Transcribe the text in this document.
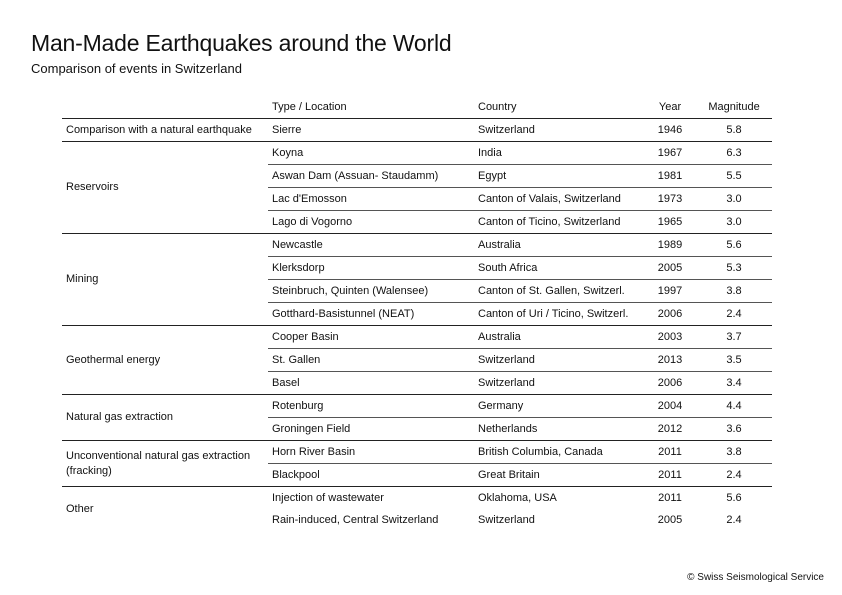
Man-Made Earthquakes around the World

Comparison of events in Switzerland

	Type / Location	Country	Year	Magnitude
Comparison with a natural earthquake	Sierre	Switzerland	1946	5.8
Reservoirs	Koyna	India	1967	6.3
	Aswan Dam (Assuan- Staudamm)	Egypt	1981	5.5
	Lac d'Emosson	Canton of Valais, Switzerland	1973	3.0
	Lago di Vogorno	Canton of Ticino, Switzerland	1965	3.0
Mining	Newcastle	Australia	1989	5.6
	Klerksdorp	South Africa	2005	5.3
	Steinbruch, Quinten (Walensee)	Canton of St. Gallen, Switzerl.	1997	3.8
	Gotthard-Basistunnel (NEAT)	Canton of Uri / Ticino, Switzerl.	2006	2.4
Geothermal energy	Cooper Basin	Australia	2003	3.7
	St. Gallen	Switzerland	2013	3.5
	Basel	Switzerland	2006	3.4
Natural gas extraction	Rotenburg	Germany	2004	4.4
	Groningen Field	Netherlands	2012	3.6
Unconventional natural gas extraction (fracking)	Horn River Basin	British Columbia, Canada	2011	3.8
	Blackpool	Great Britain	2011	2.4
Other	Injection of wastewater	Oklahoma, USA	2011	5.6
	Rain-induced, Central Switzerland	Switzerland	2005	2.4
© Swiss Seismological Service
